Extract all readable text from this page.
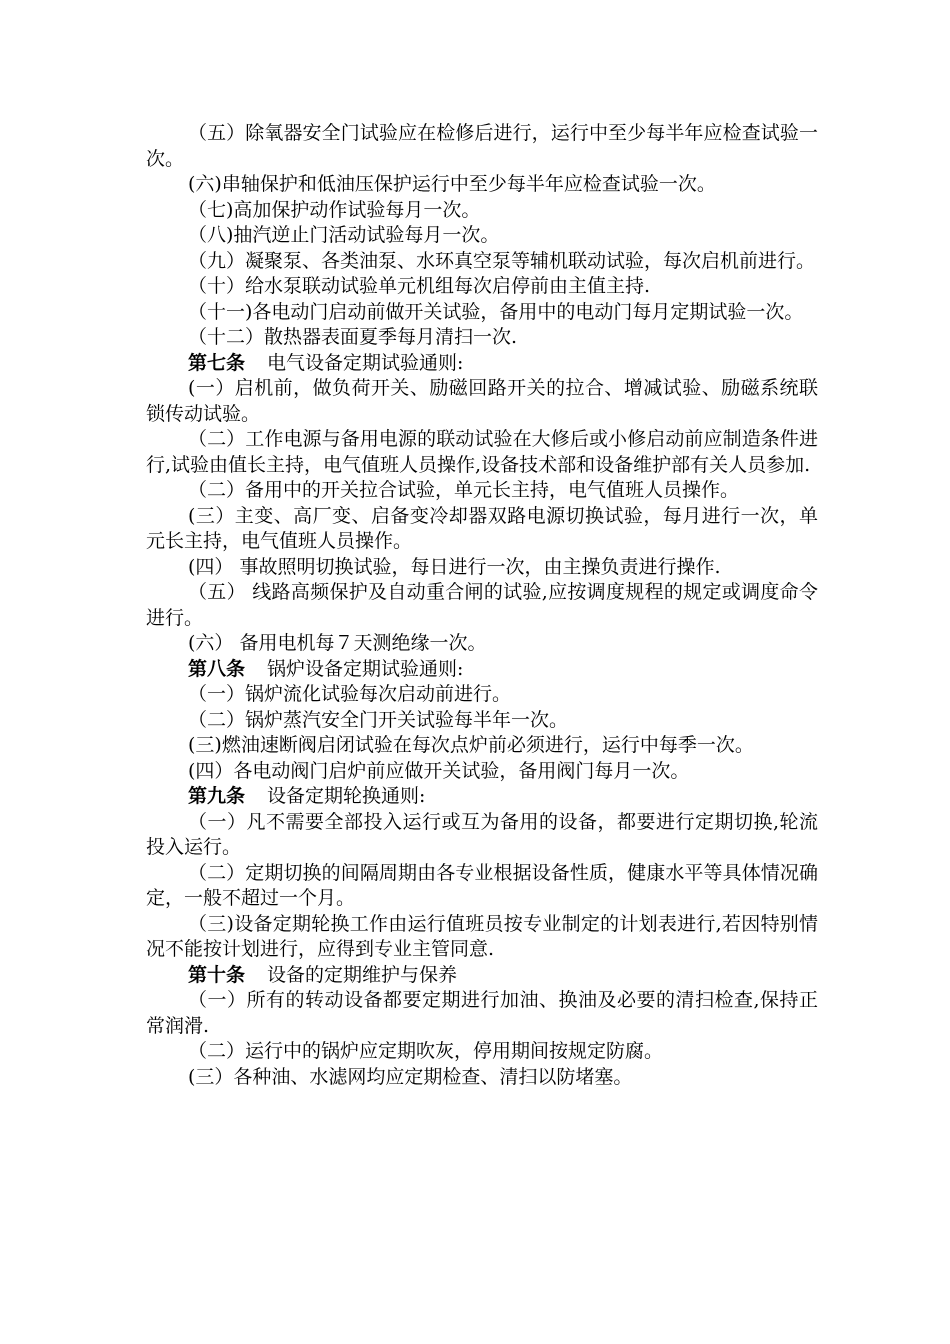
（五）除氧器安全门试验应在检修后进行，运行中至少每半年应检查试验一次。

(六)串轴保护和低油压保护运行中至少每半年应检查试验一次。

（七)高加保护动作试验每月一次。

（八)抽汽逆止门活动试验每月一次。

（九）凝聚泵、各类油泵、水环真空泵等辅机联动试验，每次启机前进行。

（十）给水泵联动试验单元机组每次启停前由主值主持.

（十一)各电动门启动前做开关试验，备用中的电动门每月定期试验一次。

（十二）散热器表面夏季每月清扫一次.

第七条 电气设备定期试验通则:

(一）启机前，做负荷开关、励磁回路开关的拉合、增减试验、励磁系统联锁传动试验。

（二）工作电源与备用电源的联动试验在大修后或小修启动前应制造条件进行,试验由值长主持，电气值班人员操作,设备技术部和设备维护部有关人员参加.

（二）备用中的开关拉合试验，单元长主持，电气值班人员操作。

(三）主变、高厂变、启备变冷却器双路电源切换试验，每月进行一次，单元长主持，电气值班人员操作。

(四） 事故照明切换试验，每日进行一次，由主操负责进行操作.

（五） 线路高频保护及自动重合闸的试验,应按调度规程的规定或调度命令进行。

(六） 备用电机每７天测绝缘一次。

第八条 锅炉设备定期试验通则:

（一）锅炉流化试验每次启动前进行。

（二）锅炉蒸汽安全门开关试验每半年一次。

(三)燃油速断阀启闭试验在每次点炉前必须进行，运行中每季一次。

(四）各电动阀门启炉前应做开关试验，备用阀门每月一次。

第九条 设备定期轮换通则:

（一）凡不需要全部投入运行或互为备用的设备，都要进行定期切换,轮流投入运行。

（二）定期切换的间隔周期由各专业根据设备性质，健康水平等具体情况确定，一般不超过一个月。

（三)设备定期轮换工作由运行值班员按专业制定的计划表进行,若因特别情况不能按计划进行，应得到专业主管同意.

第十条 设备的定期维护与保养

（一）所有的转动设备都要定期进行加油、换油及必要的清扫检查,保持正常润滑.

（二）运行中的锅炉应定期吹灰，停用期间按规定防腐。

(三）各种油、水滤网均应定期检查、清扫以防堵塞。
